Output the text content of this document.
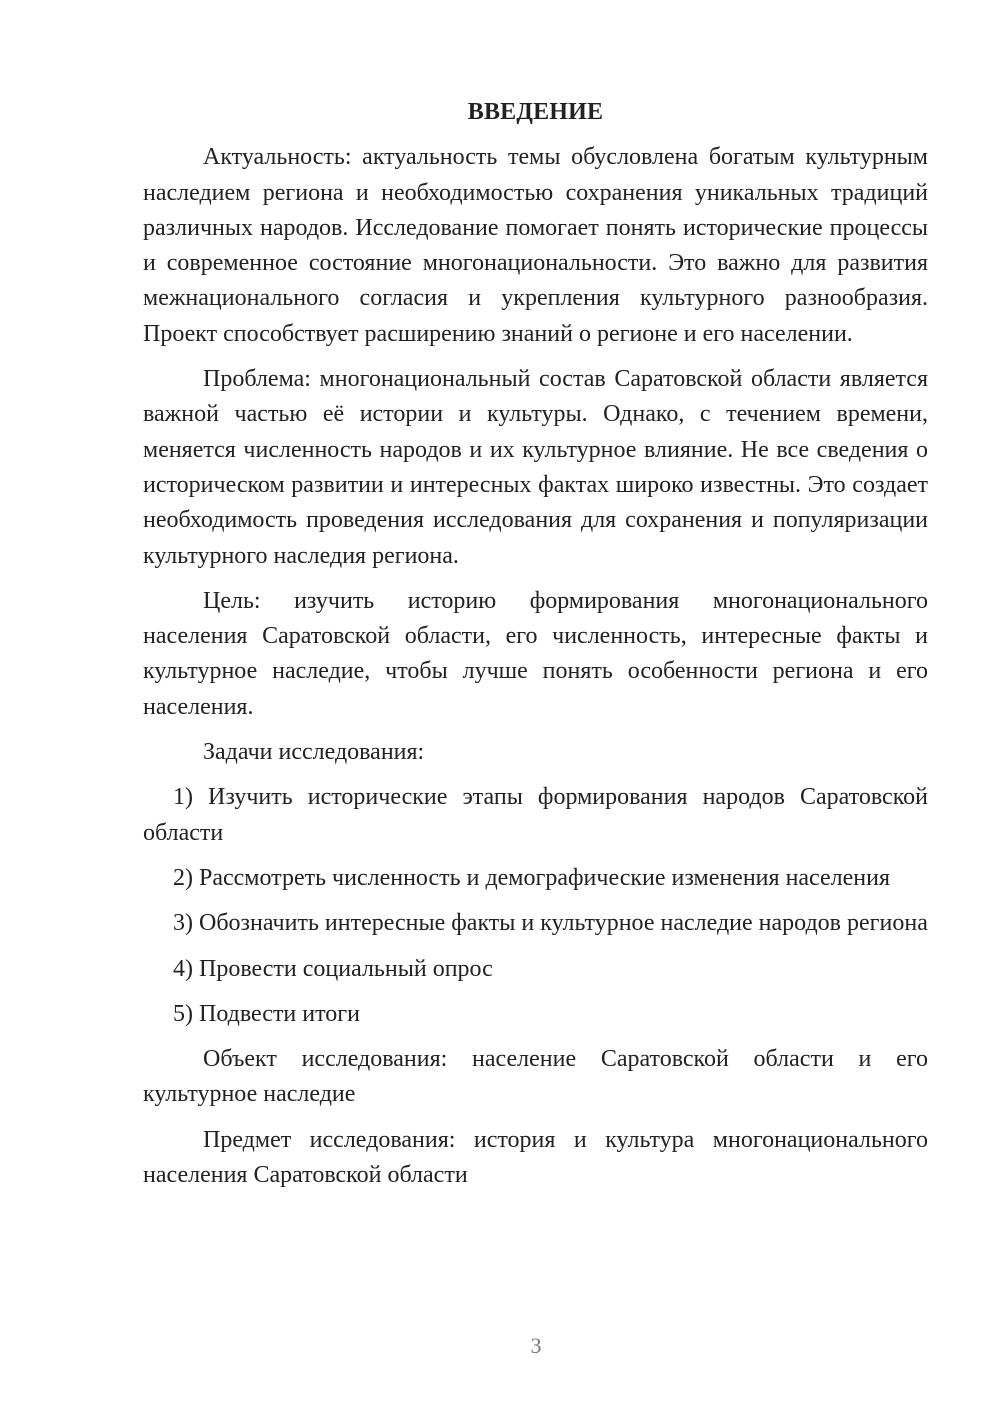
ВВЕДЕНИЕ

Актуальность: актуальность темы обусловлена богатым культурным наследием региона и необходимостью сохранения уникальных традиций различных народов. Исследование помогает понять исторические процессы и современное состояние многонациональности. Это важно для развития межнационального согласия и укрепления культурного разнообразия. Проект способствует расширению знаний о регионе и его населении.

Проблема: многонациональный состав Саратовской области является важной частью её истории и культуры. Однако, с течением времени, меняется численность народов и их культурное влияние. Не все сведения о историческом развитии и интересных фактах широко известны. Это создает необходимость проведения исследования для сохранения и популяризации культурного наследия региона.

Цель: изучить историю формирования многонационального населения Саратовской области, его численность, интересные факты и культурное наследие, чтобы лучше понять особенности региона и его населения.

Задачи исследования:

1) Изучить исторические этапы формирования народов Саратовской области

2) Рассмотреть численность и демографические изменения населения

3) Обозначить интересные факты и культурное наследие народов региона

4) Провести социальный опрос

5) Подвести итоги

Объект исследования: население Саратовской области и его культурное наследие

Предмет исследования: история и культура многонационального населения Саратовской области

3
